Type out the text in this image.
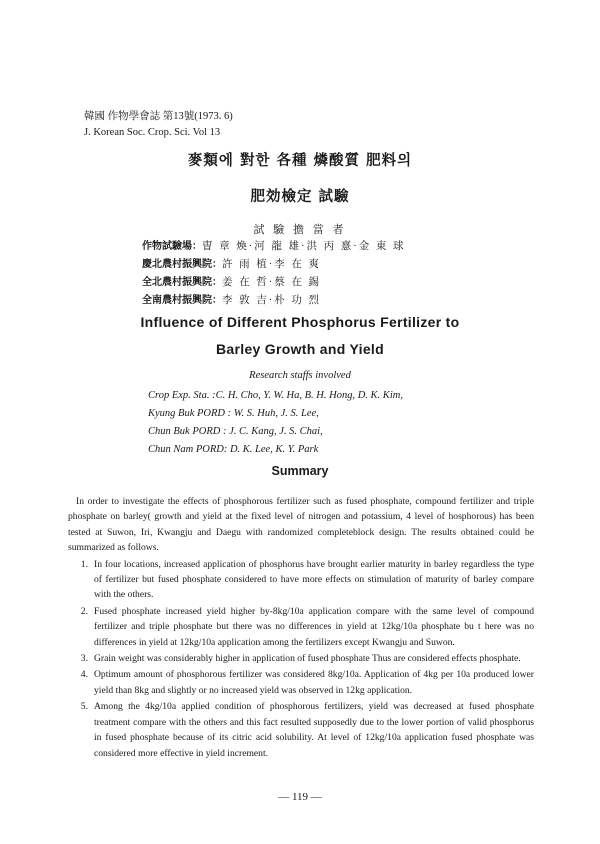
韓國 作物學會誌 第13號(1973. 6)
J. Korean Soc. Crop. Sci. Vol 13
麥類에 對한 各種 燐酸質 肥料의
肥効檢定 試驗
試 驗 擔 當 者
作物試驗場： 曺 章 煥·河 龍 雄·洪 丙 憙·金 東 球
慶北農村振興院： 許 雨 植·李 在 爽
全北農村振興院： 姜 在 哲·蔡 在 錫
全南農村振興院： 李 敦 吉·朴 功 烈
Influence of Different Phosphorus Fertilizer to
Barley Growth and Yield
Research staffs involved
Crop Exp. Sta. :C. H. Cho, Y. W. Ha, B. H. Hong, D. K. Kim,
Kyung Buk PORD : W. S. Huh, J. S. Lee,
Chun Buk PORD : J. C. Kang, J. S. Chai,
Chun Nam PORD: D. K. Lee, K. Y. Park
Summary
In order to investigate the effects of phosphorous fertilizer such as fused phosphate, compound fertilizer and triple phosphate on barley( growth and yield at the fixed level of nitrogen and potassium, 4 level of hosphorous) has been tested at Suwon, Iri, Kwangju and Daegu with randomized completeblock design. The results obtained could be summarized as follows.
1. In four locations, increased application of phosphorus have brought earlier maturity in barley regardless the type of fertilizer but fused phosphate considered to have more effects on stimulation of maturity of barley compare with the others.
2. Fused phosphate increased yield higher by-8kg/10a application compare with the same level of compound fertilizer and triple phosphate but there was no differences in yield at 12kg/10a phosphate bu t here was no differences in yield at 12kg/10a application among the fertilizers except Kwangju and Suwon.
3. Grain weight was considerably higher in application of fused phosphate Thus are considered effects phosphate.
4. Optimum amount of phosphorous fertilizer was considered 8kg/10a. Application of 4kg per 10a produced lower yield than 8kg and slightly or no increased yield was observed in 12kg application.
5. Among the 4kg/10a applied condition of phosphorous fertilizers, yield was decreased at fused phosphate treatment compare with the others and this fact resulted supposedly due to the lower portion of valid phosphorus in fused phosphate because of its citric acid solubility. At level of 12kg/10a application fused phosphate was considered more effective in yield increment.
— 119 —
